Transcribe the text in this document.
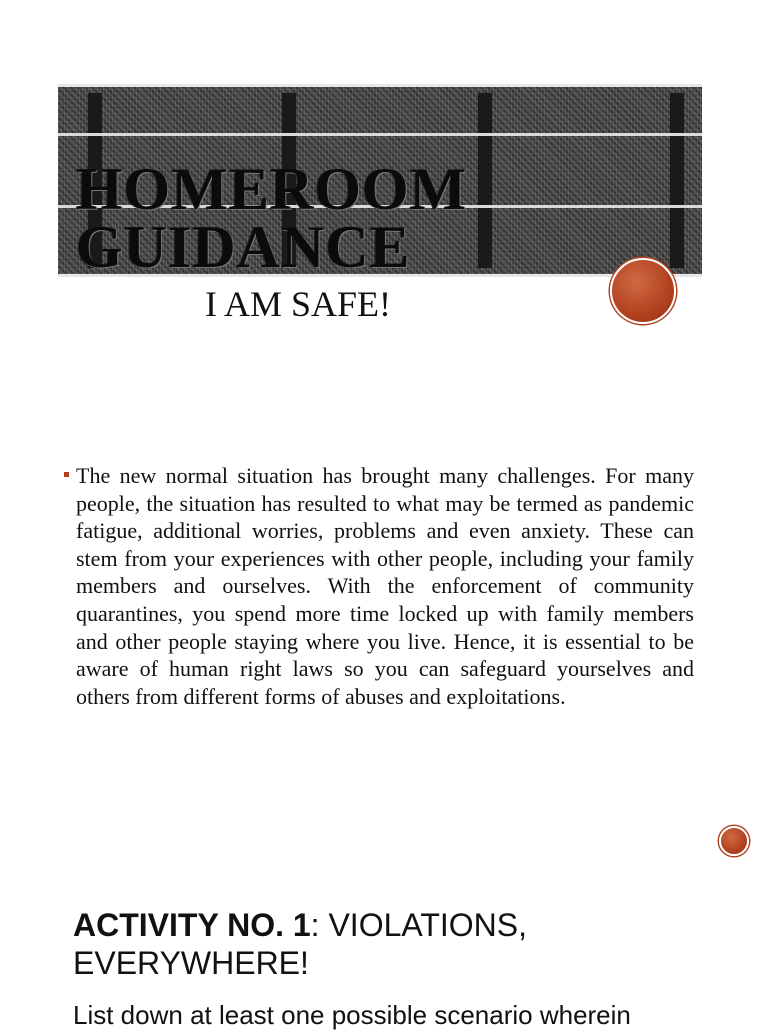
HOMEROOM
GUIDANCE
I AM SAFE!

The new normal situation has brought many challenges. For many people, the situation has resulted to what may be termed as pandemic fatigue, additional worries, problems and even anxiety. These can stem from your experiences with other people, including your family members and ourselves. With the enforcement of community quarantines, you spend more time locked up with family members and other people staying where you live. Hence, it is essential to be aware of human right laws so you can safeguard yourselves and others from different forms of abuses and exploitations.

ACTIVITY NO. 1: VIOLATIONS, EVERYWHERE!

List down at least one possible scenario wherein
